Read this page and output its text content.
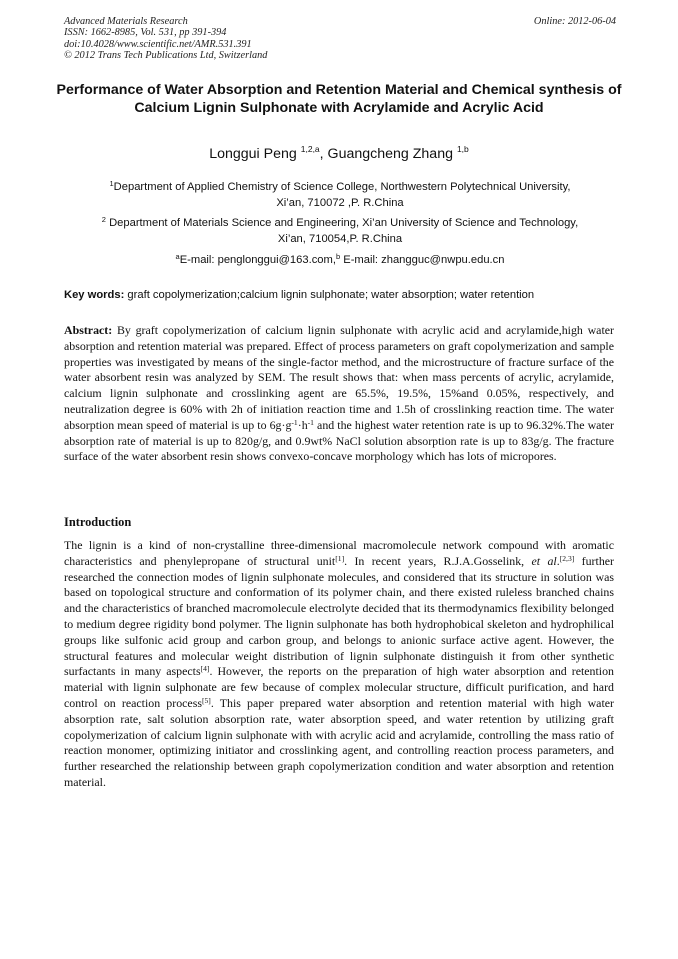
Advanced Materials Research
ISSN: 1662-8985, Vol. 531, pp 391-394
doi:10.4028/www.scientific.net/AMR.531.391
© 2012 Trans Tech Publications Ltd, Switzerland
Online: 2012-06-04
Performance of Water Absorption and Retention Material and Chemical synthesis of Calcium Lignin Sulphonate with Acrylamide and Acrylic Acid
Longgui Peng $^{1,2,a}$, Guangcheng Zhang $^{1,b}$
$^1$Department of Applied Chemistry of Science College, Northwestern Polytechnical University,
Xi’an, 710072 ,P. R.China
$^2$ Department of Materials Science and Engineering, Xi’an University of Science and Technology,
Xi’an, 710054,P. R.China
$^a$E-mail: penglonggui@163.com,$^b$ E-mail: zhangguc@nwpu.edu.cn
Key words: graft copolymerization;calcium lignin sulphonate; water absorption; water retention
Abstract: By graft copolymerization of calcium lignin sulphonate with acrylic acid and acrylamide,high water absorption and retention material was prepared. Effect of process parameters on graft copolymerization and sample properties was investigated by means of the single-factor method, and the microstructure of fracture surface of the water absorbent resin was analyzed by SEM. The result shows that: when mass percents of acrylic, acrylamide, calcium lignin sulphonate and crosslinking agent are 65.5%, 19.5%, 15%and 0.05%, respectively, and neutralization degree is 60% with 2h of initiation reaction time and 1.5h of crosslinking reaction time. The water absorption mean speed of material is up to $6g\cdot g^{-1}\cdot h^{-1}$ and the highest water retention rate is up to 96.32%.The water absorption rate of material is up to 820g/g, and 0.9wt% NaCl solution absorption rate is up to 83g/g. The fracture surface of the water absorbent resin shows convexo-concave morphology which has lots of micropores.
Introduction
The lignin is a kind of non-crystalline three-dimensional macromolecule network compound with aromatic characteristics and phenylepropane of structural unit[1]. In recent years, R.J.A.Gosselink, et al.[2,3] further researched the connection modes of lignin sulphonate molecules, and considered that its structure in solution was based on topological structure and conformation of its polymer chain, and there existed ruleless branched chains and the characteristics of branched macromolecule electrolyte decided that its thermodynamics flexibility belonged to medium degree rigidity bond polymer. The lignin sulphonate has both hydrophobical skeleton and hydrophilical groups like sulfonic acid group and carbon group, and belongs to anionic surface active agent. However, the structural features and molecular weight distribution of lignin sulphonate distinguish it from other synthetic surfactants in many aspects[4]. However, the reports on the preparation of high water absorption and retention material with lignin sulphonate are few because of complex molecular structure, difficult purification, and hard control on reaction process[5]. This paper prepared water absorption and retention material with high water absorption rate, salt solution absorption rate, water absorption speed, and water retention by utilizing graft copolymerization of calcium lignin sulphonate with with acrylic acid and acrylamide, controlling the mass ratio of reaction monomer, optimizing initiator and crosslinking agent, and controlling reaction process parameters, and further researched the relationship between graph copolymerization condition and water absorption and retention material.
